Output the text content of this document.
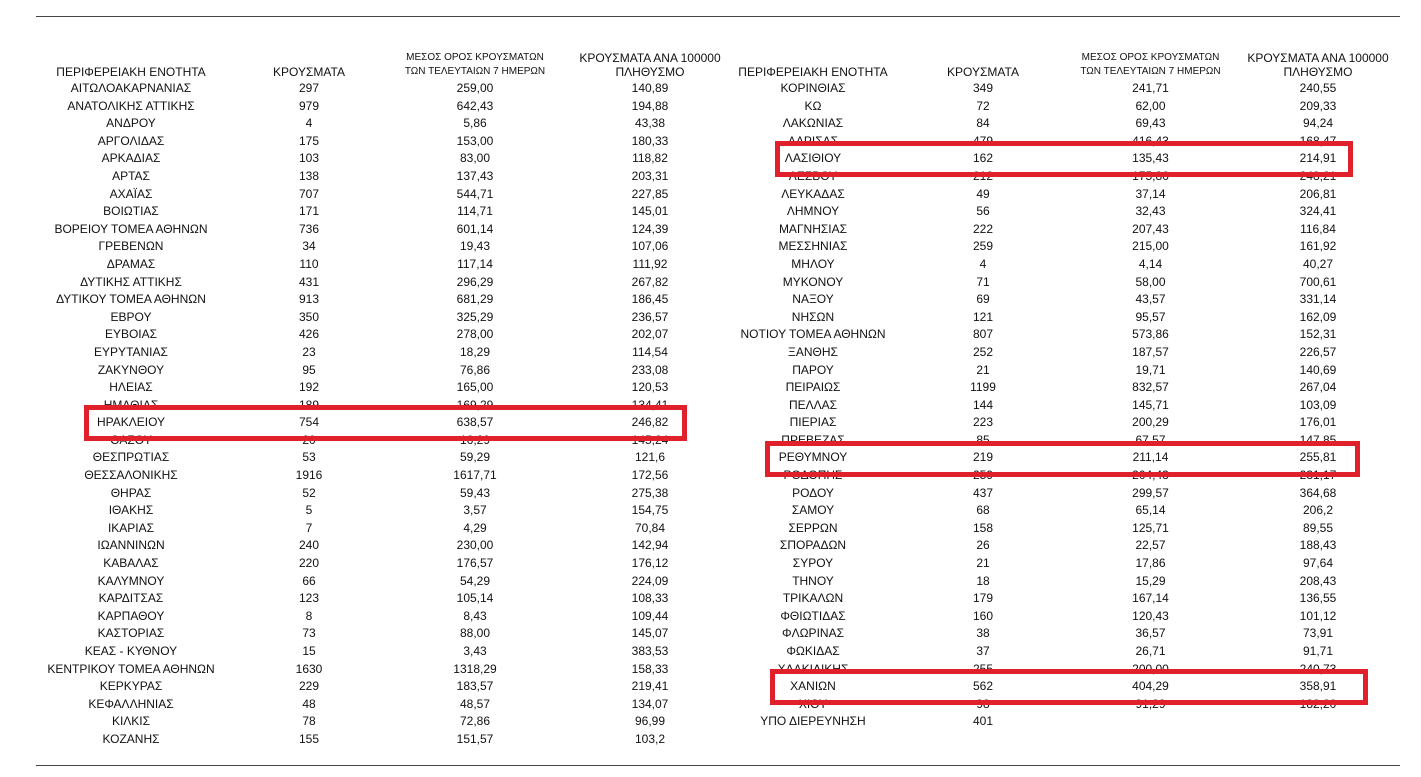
ΠΕΡΙΦΕΡΕΙΑΚΗ ΕΝΟΤΗΤΑ	ΚΡΟΥΣΜΑΤΑ
ΜΕΣΟΣ ΟΡΟΣ ΚΡΟΥΣΜΑΤΩΝ
ΤΩΝ ΤΕΛΕΥΤΑΙΩΝ 7 ΗΜΕΡΩΝ
ΚΡΟΥΣΜΑΤΑ ΑΝΑ 100000
ΠΛΗΘΥΣΜΟ
ΑΙΤΩΛΟΑΚΑΡΝΑΝΙΑΣ	297	259,00	140,89
ΑΝΑΤΟΛΙΚΗΣ ΑΤΤΙΚΗΣ	979	642,43	194,88
ΑΝΔΡΟΥ	4	5,86	43,38
ΑΡΓΟΛΙΔΑΣ	175	153,00	180,33
ΑΡΚΑΔΙΑΣ	103	83,00	118,82
ΑΡΤΑΣ	138	137,43	203,31
ΑΧΑΪΑΣ	707	544,71	227,85
ΒΟΙΩΤΙΑΣ	171	114,71	145,01
ΒΟΡΕΙΟΥ ΤΟΜΕΑ ΑΘΗΝΩΝ	736	601,14	124,39
ΓΡΕΒΕΝΩΝ	34	19,43	107,06
ΔΡΑΜΑΣ	110	117,14	111,92
ΔΥΤΙΚΗΣ ΑΤΤΙΚΗΣ	431	296,29	267,82
ΔΥΤΙΚΟΥ ΤΟΜΕΑ ΑΘΗΝΩΝ	913	681,29	186,45
ΕΒΡΟΥ	350	325,29	236,57
ΕΥΒΟΙΑΣ	426	278,00	202,07
ΕΥΡΥΤΑΝΙΑΣ	23	18,29	114,54
ΖΑΚΥΝΘΟΥ	95	76,86	233,08
ΗΛΕΙΑΣ	192	165,00	120,53
ΗΜΑΘΙΑΣ	189	169,29	134,41
ΗΡΑΚΛΕΙΟΥ	754	638,57	246,82
ΘΑΣΟΥ	20	16,29	145,24
ΘΕΣΠΡΩΤΙΑΣ	53	59,29	121,6
ΘΕΣΣΑΛΟΝΙΚΗΣ	1916	1617,71	172,56
ΘΗΡΑΣ	52	59,43	275,38
ΙΘΑΚΗΣ	5	3,57	154,75
ΙΚΑΡΙΑΣ	7	4,29	70,84
ΙΩΑΝΝΙΝΩΝ	240	230,00	142,94
ΚΑΒΑΛΑΣ	220	176,57	176,12
ΚΑΛΥΜΝΟΥ	66	54,29	224,09
ΚΑΡΔΙΤΣΑΣ	123	105,14	108,33
ΚΑΡΠΑΘΟΥ	8	8,43	109,44
ΚΑΣΤΟΡΙΑΣ	73	88,00	145,07
ΚΕΑΣ - ΚΥΘΝΟΥ	15	3,43	383,53
ΚΕΝΤΡΙΚΟΥ ΤΟΜΕΑ ΑΘΗΝΩΝ	1630	1318,29	158,33
ΚΕΡΚΥΡΑΣ	229	183,57	219,41
ΚΕΦΑΛΛΗΝΙΑΣ	48	48,57	134,07
ΚΙΛΚΙΣ	78	72,86	96,99
ΚΟΖΑΝΗΣ	155	151,57	103,2
ΠΕΡΙΦΕΡΕΙΑΚΗ ΕΝΟΤΗΤΑ	ΚΡΟΥΣΜΑΤΑ
ΜΕΣΟΣ ΟΡΟΣ ΚΡΟΥΣΜΑΤΩΝ
ΤΩΝ ΤΕΛΕΥΤΑΙΩΝ 7 ΗΜΕΡΩΝ
ΚΡΟΥΣΜΑΤΑ ΑΝΑ 100000
ΠΛΗΘΥΣΜΟ
ΚΟΡΙΝΘΙΑΣ	349	241,71	240,55
ΚΩ	72	62,00	209,33
ΛΑΚΩΝΙΑΣ	84	69,43	94,24
ΛΑΡΙΣΑΣ	479	416,43	168,47
ΛΑΣΙΘΙΟΥ	162	135,43	214,91
ΛΕΣΒΟΥ	212	175,86	248,21
ΛΕΥΚΑΔΑΣ	49	37,14	206,81
ΛΗΜΝΟΥ	56	32,43	324,41
ΜΑΓΝΗΣΙΑΣ	222	207,43	116,84
ΜΕΣΣΗΝΙΑΣ	259	215,00	161,92
ΜΗΛΟΥ	4	4,14	40,27
ΜΥΚΟΝΟΥ	71	58,00	700,61
ΝΑΞΟΥ	69	43,57	331,14
ΝΗΣΩΝ	121	95,57	162,09
ΝΟΤΙΟΥ ΤΟΜΕΑ ΑΘΗΝΩΝ	807	573,86	152,31
ΞΑΝΘΗΣ	252	187,57	226,57
ΠΑΡΟΥ	21	19,71	140,69
ΠΕΙΡΑΙΩΣ	1199	832,57	267,04
ΠΕΛΛΑΣ	144	145,71	103,09
ΠΙΕΡΙΑΣ	223	200,29	176,01
ΠΡΕΒΕΖΑΣ	85	67,57	147,85
ΡΕΘΥΜΝΟΥ	219	211,14	255,81
ΡΟΔΟΠΗΣ	259	204,43	231,17
ΡΟΔΟΥ	437	299,57	364,68
ΣΑΜΟΥ	68	65,14	206,2
ΣΕΡΡΩΝ	158	125,71	89,55
ΣΠΟΡΑΔΩΝ	26	22,57	188,43
ΣΥΡΟΥ	21	17,86	97,64
ΤΗΝΟΥ	18	15,29	208,43
ΤΡΙΚΑΛΩΝ	179	167,14	136,55
ΦΘΙΩΤΙΔΑΣ	160	120,43	101,12
ΦΛΩΡΙΝΑΣ	38	36,57	73,91
ΦΩΚΙΔΑΣ	37	26,71	91,71
ΧΑΛΚΙΔΙΚΗΣ	255	200,00	240,73
ΧΑΝΙΩΝ	562	404,29	358,91
ΧΙΟΥ	98	91,29	182,20
ΥΠΟ ΔΙΕΡΕΥΝΗΣΗ	401
